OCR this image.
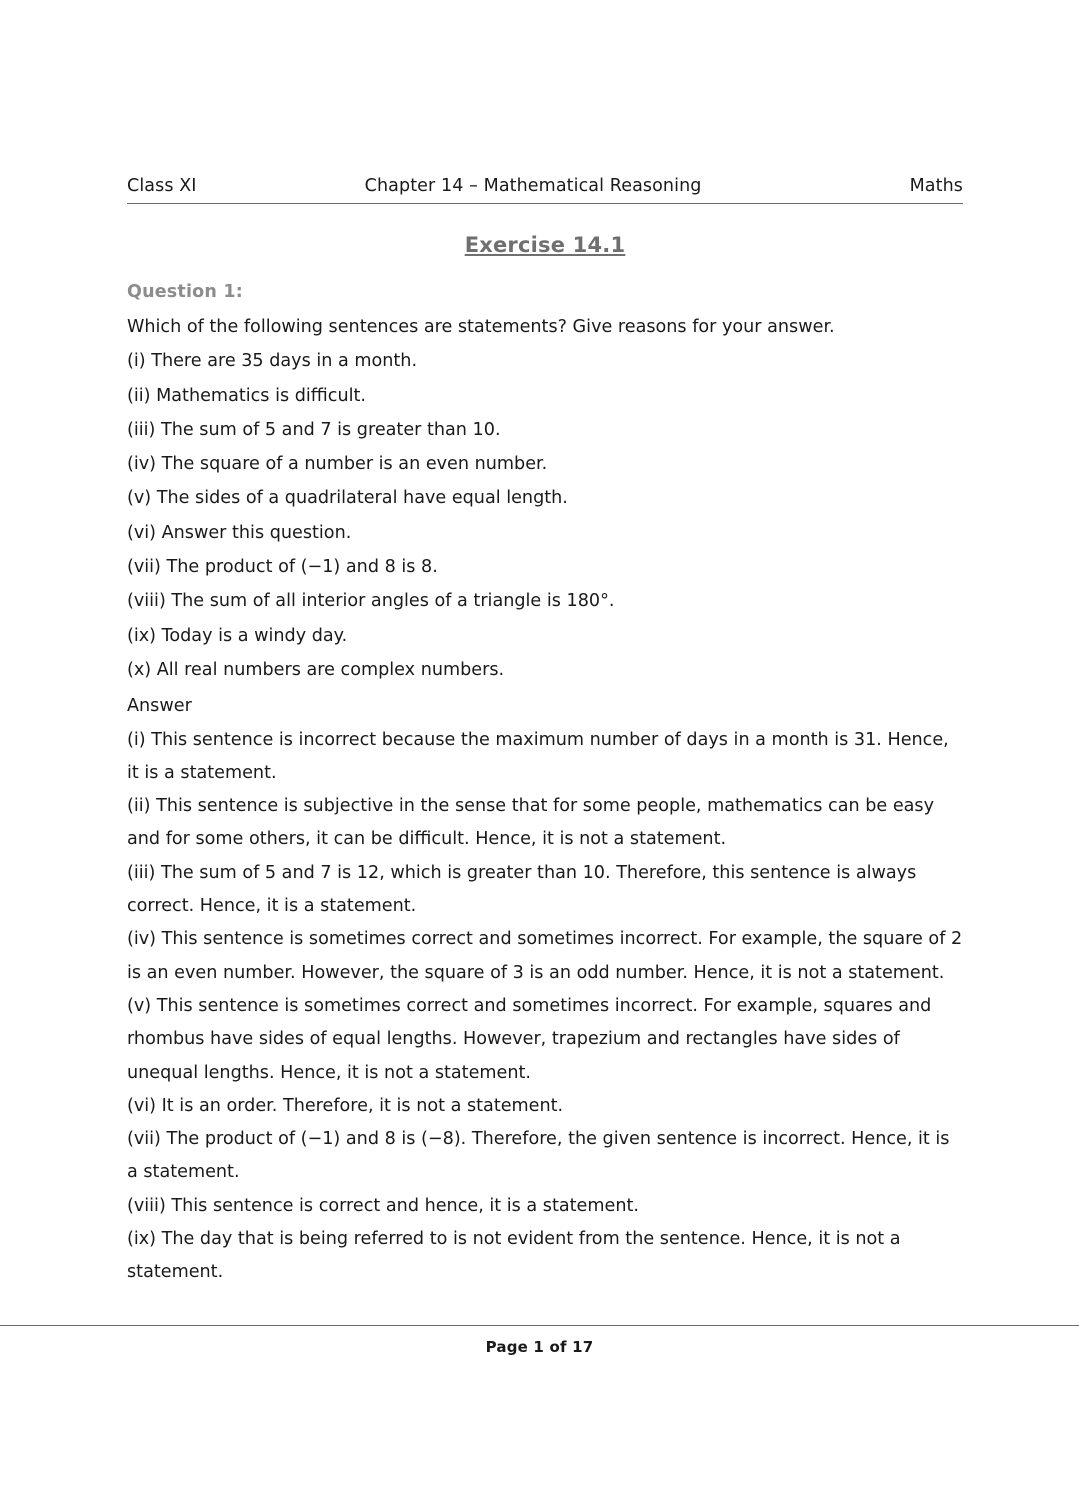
Class XI	Chapter 14 – Mathematical Reasoning	Maths
Exercise 14.1
Question 1:
Which of the following sentences are statements? Give reasons for your answer.
(i) There are 35 days in a month.
(ii) Mathematics is difficult.
(iii) The sum of 5 and 7 is greater than 10.
(iv) The square of a number is an even number.
(v) The sides of a quadrilateral have equal length.
(vi) Answer this question.
(vii) The product of (−1) and 8 is 8.
(viii) The sum of all interior angles of a triangle is 180°.
(ix) Today is a windy day.
(x) All real numbers are complex numbers.
Answer
(i) This sentence is incorrect because the maximum number of days in a month is 31. Hence, it is a statement.
(ii) This sentence is subjective in the sense that for some people, mathematics can be easy and for some others, it can be difficult. Hence, it is not a statement.
(iii) The sum of 5 and 7 is 12, which is greater than 10. Therefore, this sentence is always correct. Hence, it is a statement.
(iv) This sentence is sometimes correct and sometimes incorrect. For example, the square of 2 is an even number. However, the square of 3 is an odd number. Hence, it is not a statement.
(v) This sentence is sometimes correct and sometimes incorrect. For example, squares and rhombus have sides of equal lengths. However, trapezium and rectangles have sides of unequal lengths. Hence, it is not a statement.
(vi) It is an order. Therefore, it is not a statement.
(vii) The product of (−1) and 8 is (−8). Therefore, the given sentence is incorrect. Hence, it is a statement.
(viii) This sentence is correct and hence, it is a statement.
(ix) The day that is being referred to is not evident from the sentence. Hence, it is not a statement.
Page 1 of 17
